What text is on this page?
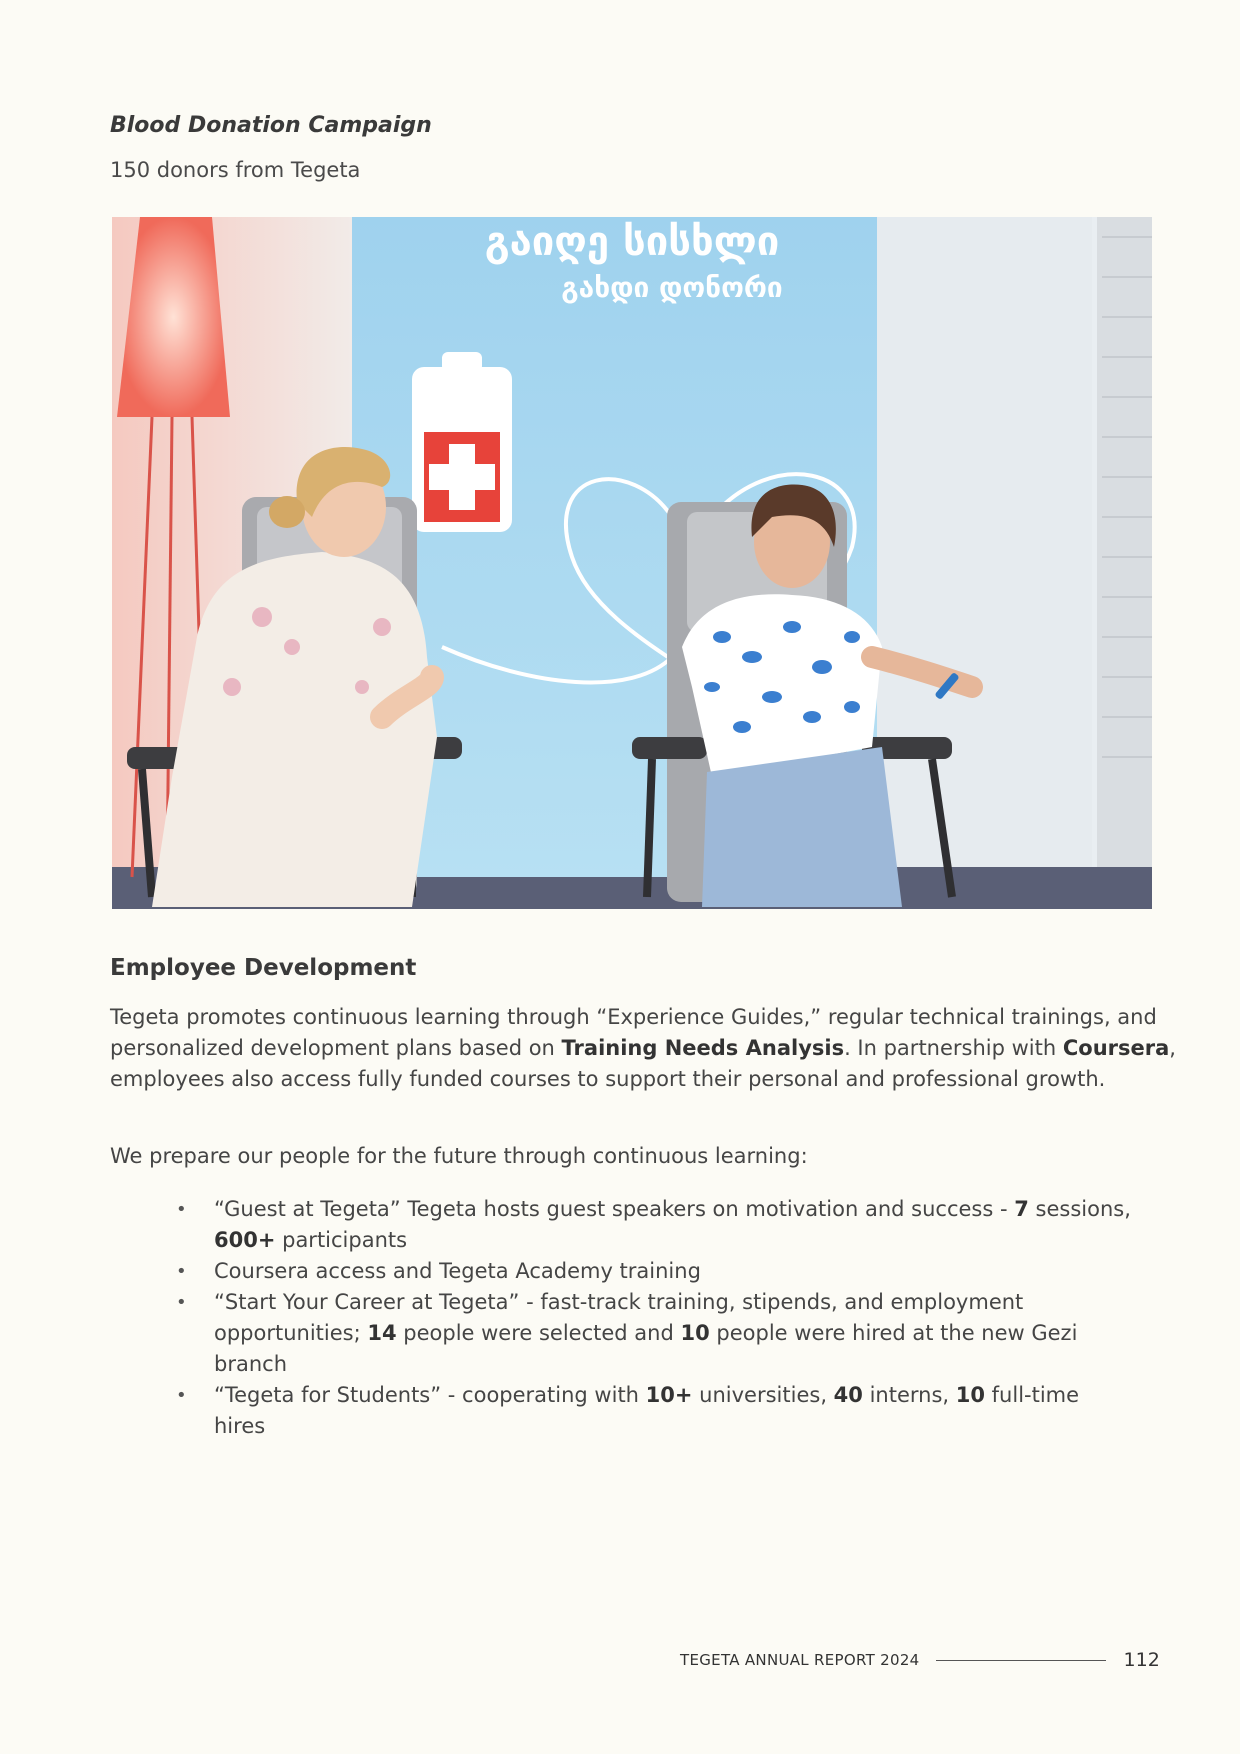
Blood Donation Campaign
150 donors from Tegeta
გაიღე სისხლი
გახდი დონორი
Employee Development
Tegeta promotes continuous learning through “Experience Guides,” regular technical trainings, and personalized development plans based on Training Needs Analysis. In partnership with Coursera, employees also access fully funded courses to support their personal and professional growth.
We prepare our people for the future through continuous learning:
• “Guest at Tegeta” Tegeta hosts guest speakers on motivation and success - 7 sessions, 600+ participants
• Coursera access and Tegeta Academy training
• “Start Your Career at Tegeta” - fast-track training, stipends, and employment opportunities; 14 people were selected and 10 people were hired at the new Gezi branch
• “Tegeta for Students” - cooperating with 10+ universities, 40 interns, 10 full-time hires
TEGETA ANNUAL REPORT 2024	112
